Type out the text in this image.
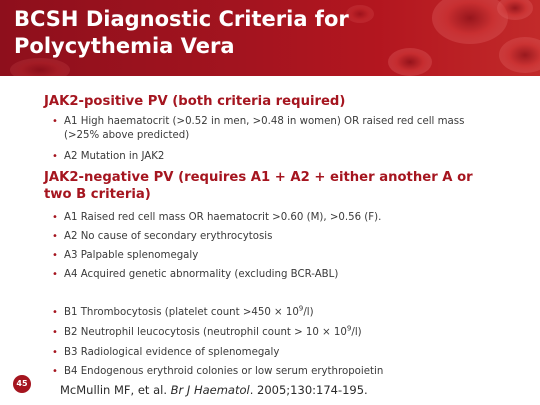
BCSH Diagnostic Criteria for Polycythemia Vera
JAK2-positive PV (both criteria required)
• A1 High haematocrit (>0.52 in men, >0.48 in women) OR raised red cell mass (>25% above predicted)
• A2 Mutation in JAK2
JAK2-negative PV (requires A1 + A2 + either another A or two B criteria)
• A1 Raised red cell mass OR haematocrit >0.60 (M), >0.56 (F).
• A2 No cause of secondary erythrocytosis
• A3 Palpable splenomegaly
• A4 Acquired genetic abnormality (excluding BCR-ABL)
• B1 Thrombocytosis (platelet count $>450 \times 10^9/l$)
• B2 Neutrophil leucocytosis (neutrophil count > $10 \times 10^9/l$)
• B3 Radiological evidence of splenomegaly
• B4 Endogenous erythroid colonies or low serum erythropoietin
45	McMullin MF, et al. Br J Haematol. 2005;130:174-195.
